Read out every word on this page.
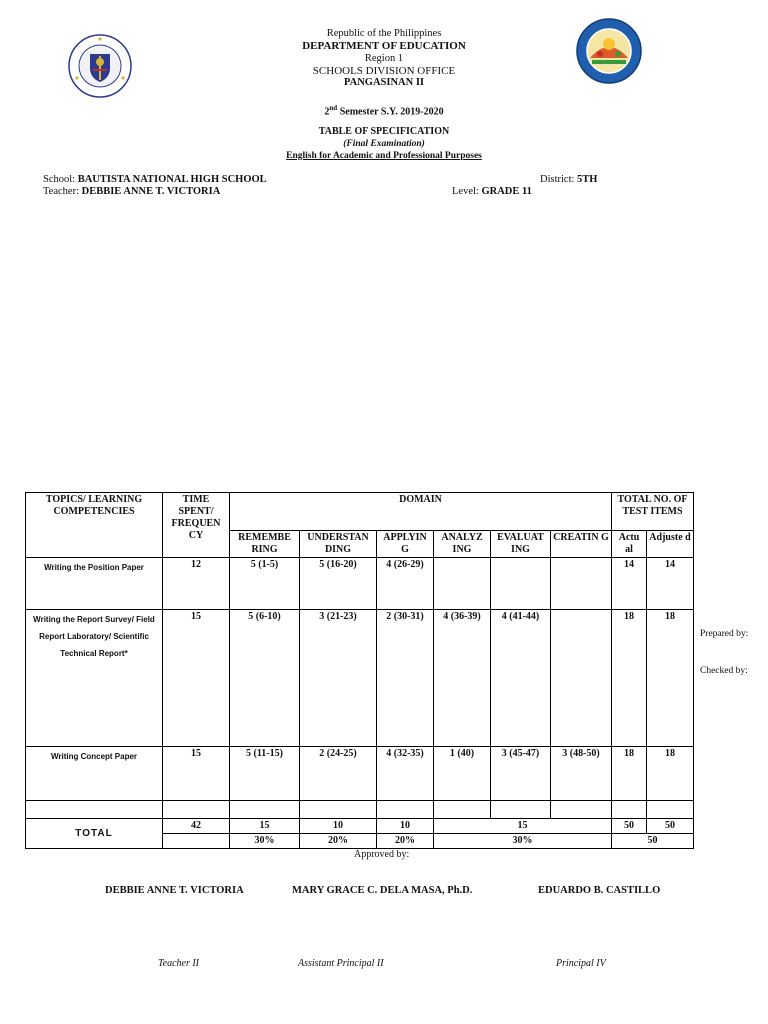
Republic of the Philippines
DEPARTMENT OF EDUCATION
Region 1
SCHOOLS DIVISION OFFICE
PANGASINAN II
2nd Semester S.Y. 2019-2020
TABLE OF SPECIFICATION
(Final Examination)
English for Academic and Professional Purposes
School: BAUTISTA NATIONAL HIGH SCHOOL	District: 5TH
Teacher: DEBBIE ANNE T. VICTORIA	Level: GRADE 11
TOPICS/ LEARNING COMPETENCIES	TIME SPENT/ FREQUEN CY	DOMAIN						TOTAL NO. OF TEST ITEMS	
		REMEMBE RING	UNDERSTAN DING	APPLYIN G	ANALYZ ING	EVALUAT ING	CREATIN G	Actu al	Adjuste d
Writing the Position Paper	12	5 (1-5)	5 (16-20)	4 (26-29)				14	14
Writing the Report Survey/ Field Report Laboratory/ Scientific Technical Report*	15	5 (6-10)	3 (21-23)	2 (30-31)	4 (36-39)	4 (41-44)		18	18
Writing Concept Paper	15	5 (11-15)	2 (24-25)	4 (32-35)	1 (40)	3 (45-47)	3 (48-50)	18	18

TOTAL	42	15	10	10	15			50	50
		30%	20%	20%	30%			50	
Prepared by:
Checked by:
Approved by:
DEBBIE ANNE T. VICTORIA	MARY GRACE C. DELA MASA, Ph.D.	EDUARDO B. CASTILLO
Teacher II	Assistant Principal II	Principal IV
